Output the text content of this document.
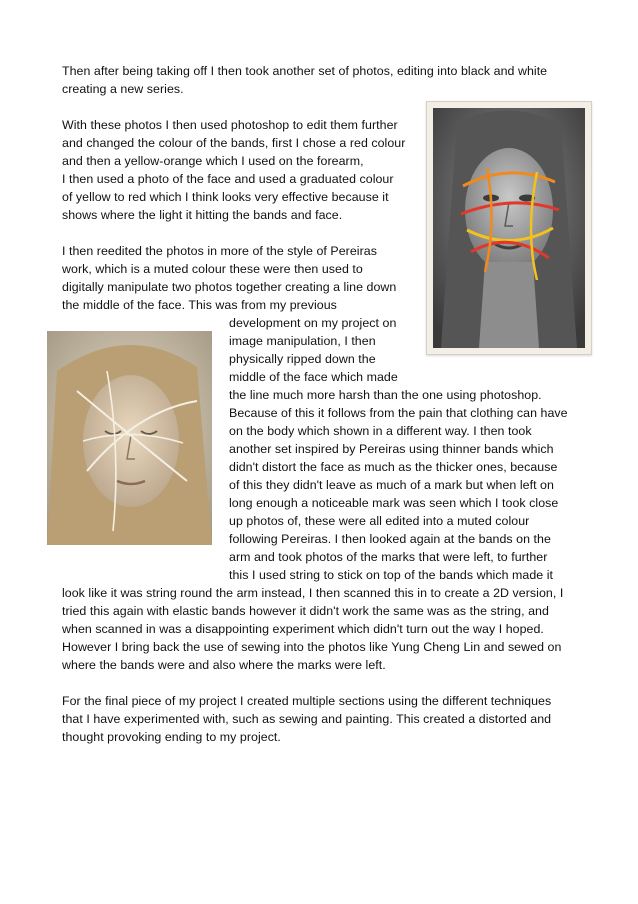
Then after being taking off I then took another set of photos, editing into black and white
creating a new series.
With these photos I then used photoshop to edit them further
and changed the colour of the bands, first I chose a red colour
and then a yellow-orange which I used on the forearm,
I then used a photo of the face and used a graduated colour
of yellow to red which I think looks very effective because it
shows where the light it hitting the bands and face.
I then reedited the photos in more of the style of Pereiras
work, which is a muted colour these were then used to
digitally manipulate two photos together creating a line down
the middle of the face. This was from my previous
development on my project on
image manipulation, I then
physically ripped down the
middle of the face which made
the line much more harsh than the one using photoshop.
Because of this it follows from the pain that clothing can have
on the body which shown in a different way. I then took
another set inspired by Pereiras using thinner bands which
didn't distort the face as much as the thicker ones, because
of this they didn't leave as much of a mark but when left on
long enough a noticeable mark was seen which I took close
up photos of, these were all edited into a muted colour
following Pereiras. I then looked again at the bands on the
arm and took photos of the marks that were left, to further
this I used string to stick on top of the bands which made it
look like it was string round the arm instead, I then scanned this in to create a 2D version, I
tried this again with elastic bands however it didn't work the same was as the string, and
when scanned in was a disappointing experiment which didn't turn out the way I hoped.
However I bring back the use of sewing into the photos like Yung Cheng Lin and sewed on
where the bands were and also where the marks were left.
For the final piece of my project I created multiple sections using the different techniques
that I have experimented with, such as sewing and painting. This created a distorted and
thought provoking ending to my project.
